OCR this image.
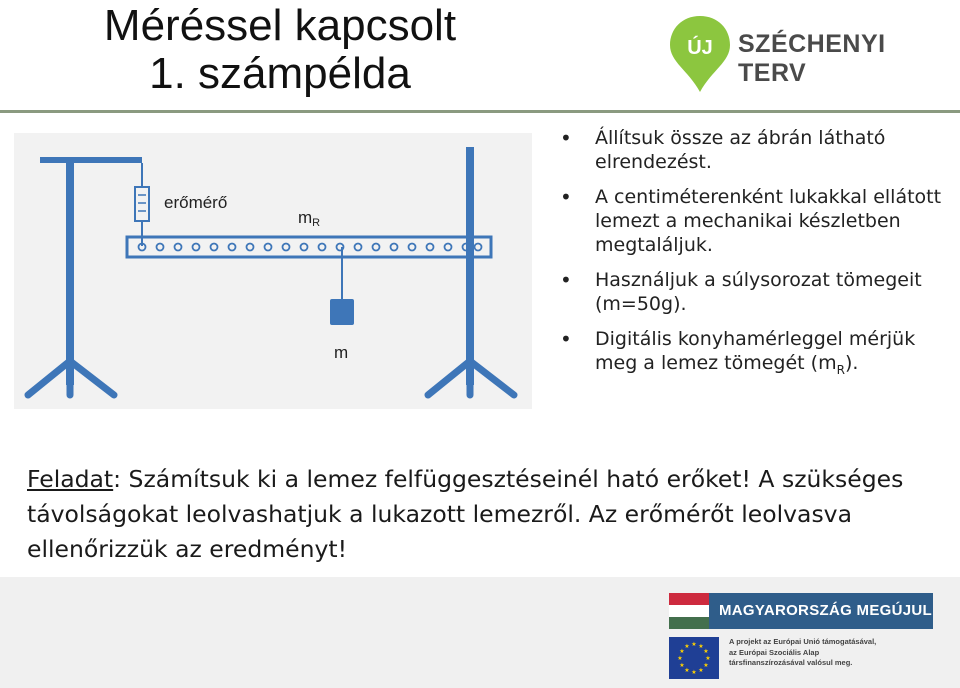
Méréssel kapcsolt
1. számpélda
ÚJ SZÉCHENYI TERV
erőmérő
mR
m
• Állítsuk össze az ábrán látható elrendezést.
• A centiméterenként lukakkal ellátott lemezt a mechanikai készletben megtaláljuk.
• Használjuk a súlysorozat tömegeit (m=50g).
• Digitális konyhamérleggel mérjük meg a lemez tömegét $(m_R)$.
Feladat: Számítsuk ki a lemez felfüggesztéseinél ható erőket! A szükséges távolságokat leolvashatjuk a lukazott lemezről. Az erőmérőt leolvasva ellenőrizzük az eredményt!
MAGYARORSZÁG MEGÚJUL
★ ★
★
★
★
★
★
★
★
★
★
★
A projekt az Európai Unió támogatásával,
az Európai Szociális Alap
társfinanszírozásával valósul meg.
